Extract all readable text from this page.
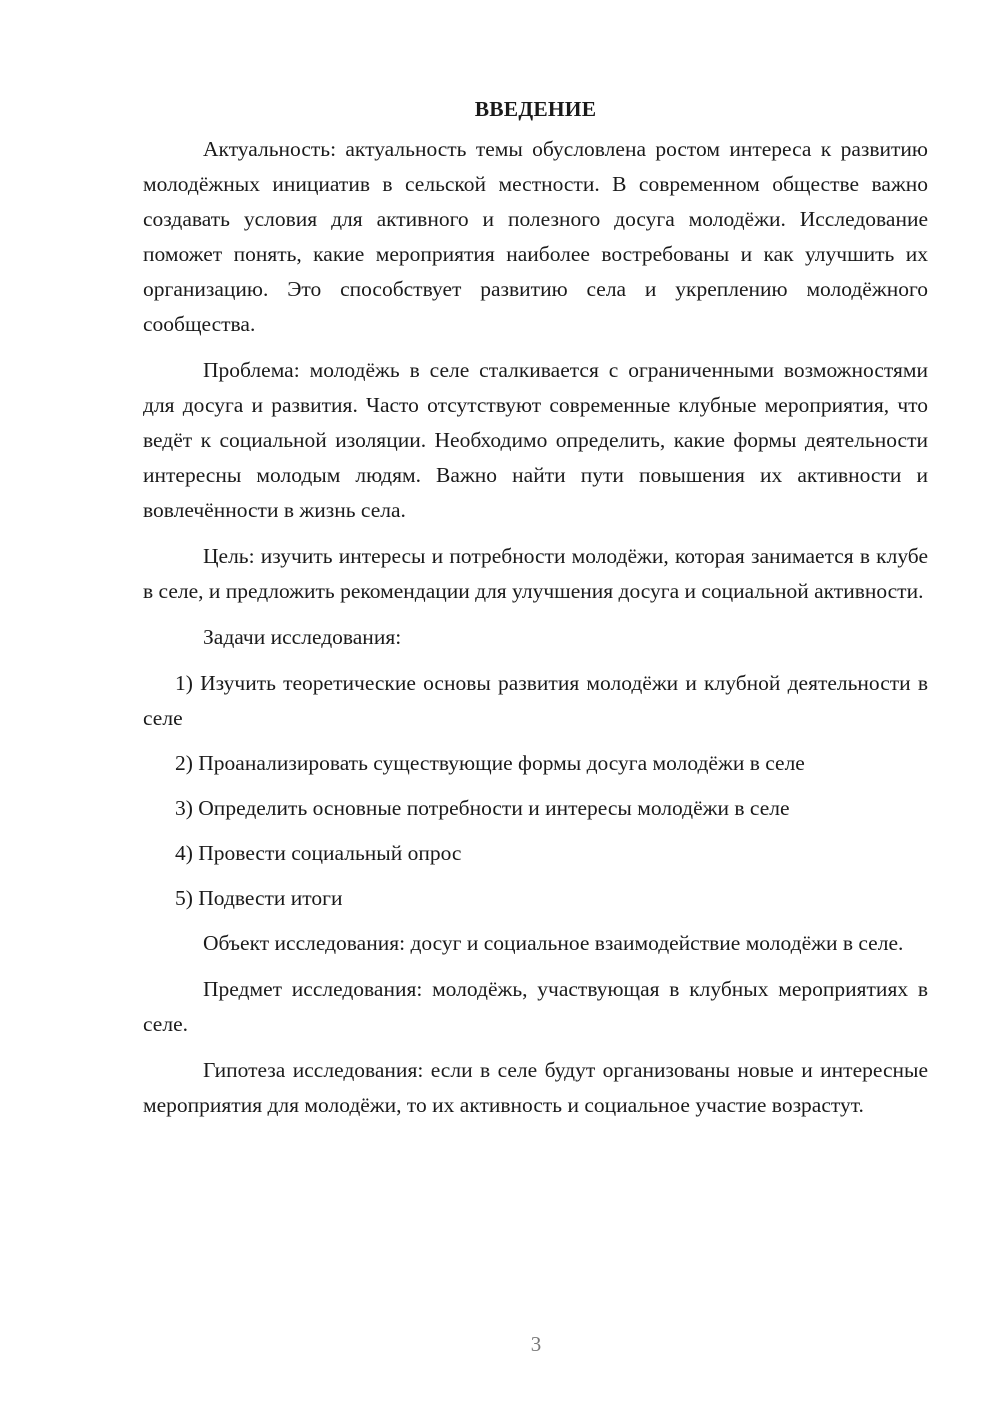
ВВЕДЕНИЕ

Актуальность: актуальность темы обусловлена ростом интереса к развитию молодёжных инициатив в сельской местности. В современном обществе важно создавать условия для активного и полезного досуга молодёжи. Исследование поможет понять, какие мероприятия наиболее востребованы и как улучшить их организацию. Это способствует развитию села и укреплению молодёжного сообщества.

Проблема: молодёжь в селе сталкивается с ограниченными возможностями для досуга и развития. Часто отсутствуют современные клубные мероприятия, что ведёт к социальной изоляции. Необходимо определить, какие формы деятельности интересны молодым людям. Важно найти пути повышения их активности и вовлечённости в жизнь села.

Цель: изучить интересы и потребности молодёжи, которая занимается в клубе в селе, и предложить рекомендации для улучшения досуга и социальной активности.

Задачи исследования:

1) Изучить теоретические основы развития молодёжи и клубной деятельности в селе

2) Проанализировать существующие формы досуга молодёжи в селе

3) Определить основные потребности и интересы молодёжи в селе

4) Провести социальный опрос

5) Подвести итоги

Объект исследования: досуг и социальное взаимодействие молодёжи в селе.

Предмет исследования: молодёжь, участвующая в клубных мероприятиях в селе.

Гипотеза исследования: если в селе будут организованы новые и интересные мероприятия для молодёжи, то их активность и социальное участие возрастут.

3
